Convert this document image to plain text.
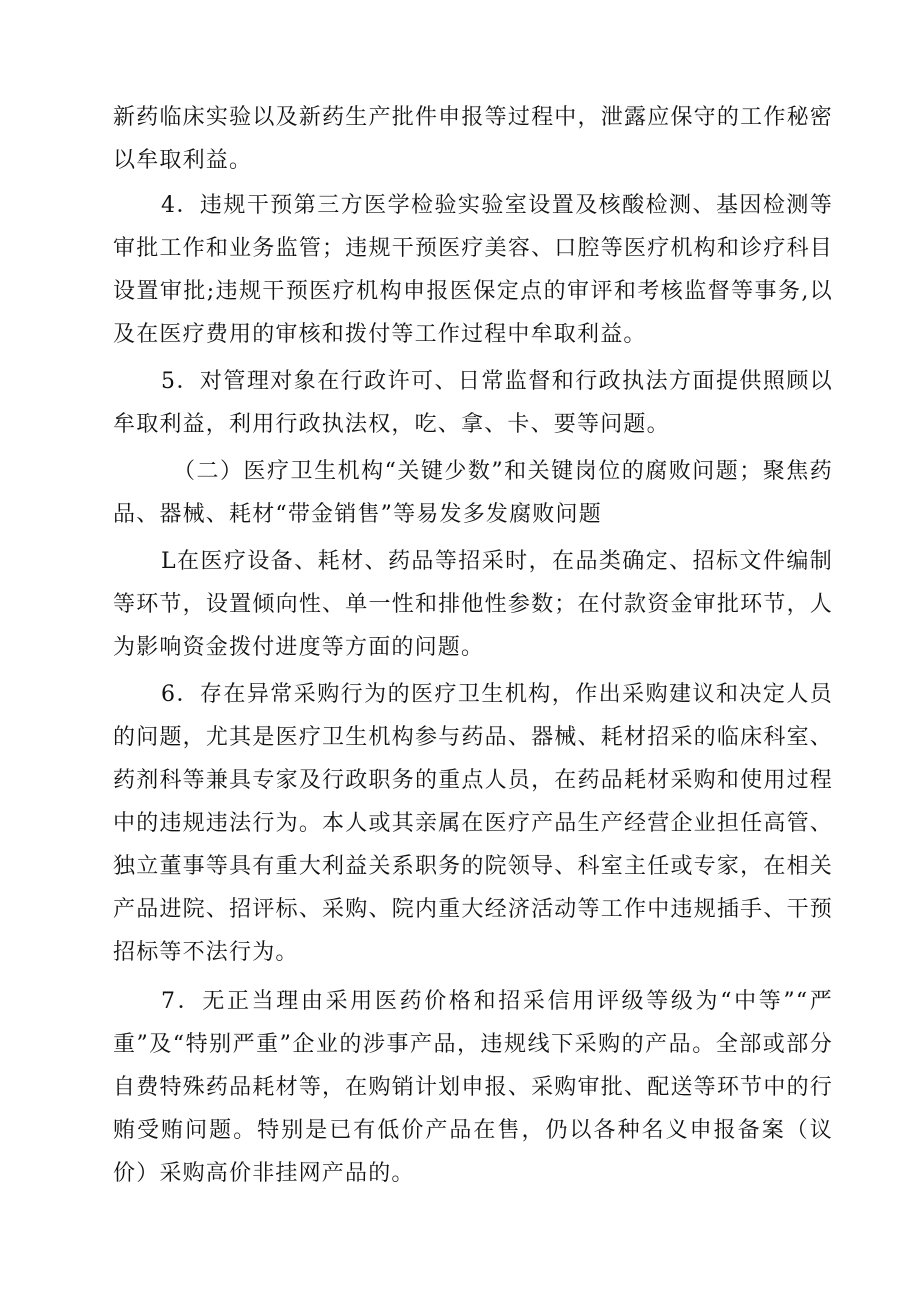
新药临床实验以及新药生产批件申报等过程中，泄露应保守的工作秘密以牟取利益。

4．违规干预第三方医学检验实验室设置及核酸检测、基因检测等审批工作和业务监管；违规干预医疗美容、口腔等医疗机构和诊疗科目设置审批;违规干预医疗机构申报医保定点的审评和考核监督等事务,以及在医疗费用的审核和拨付等工作过程中牟取利益。

5．对管理对象在行政许可、日常监督和行政执法方面提供照顾以牟取利益，利用行政执法权，吃、拿、卡、要等问题。

（二）医疗卫生机构“关键少数”和关键岗位的腐败问题；聚焦药品、器械、耗材“带金销售”等易发多发腐败问题

L在医疗设备、耗材、药品等招采时，在品类确定、招标文件编制等环节，设置倾向性、单一性和排他性参数；在付款资金审批环节，人为影响资金拨付进度等方面的问题。

6．存在异常采购行为的医疗卫生机构，作出采购建议和决定人员的问题，尤其是医疗卫生机构参与药品、器械、耗材招采的临床科室、药剂科等兼具专家及行政职务的重点人员，在药品耗材采购和使用过程中的违规违法行为。本人或其亲属在医疗产品生产经营企业担任高管、独立董事等具有重大利益关系职务的院领导、科室主任或专家，在相关产品进院、招评标、采购、院内重大经济活动等工作中违规插手、干预招标等不法行为。

7．无正当理由采用医药价格和招采信用评级等级为“中等”“严重”及“特别严重”企业的涉事产品，违规线下采购的产品。全部或部分自费特殊药品耗材等，在购销计划申报、采购审批、配送等环节中的行贿受贿问题。特别是已有低价产品在售，仍以各种名义申报备案（议价）采购高价非挂网产品的。
